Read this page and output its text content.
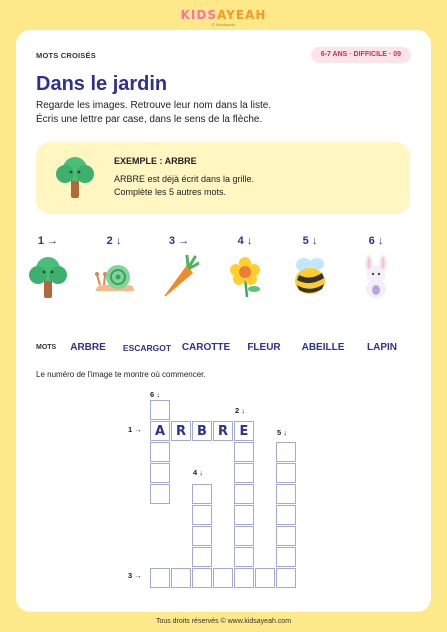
KIDSAYEAH
© KidsAyeah
MOTS CROISÉS	6-7 ANS · DIFFICILE · 09
Dans le jardin
Regarde les images. Retrouve leur nom dans la liste.
Écris une lettre par case, dans le sens de la flèche.
EXEMPLE : ARBRE
ARBRE est déjà écrit dans la grille.
Complète les 5 autres mots.
1 →	2 ↓	3 →	4 ↓	5 ↓	6 ↓
MOTS	ARBRE	ESCARGOT	CAROTTE	FLEUR	ABEILLE	LAPIN
Le numéro de l'image te montre où commencer.
6 ↓
2 ↓
1 →	5 ↓
4 ↓
3 →
A R B R E
Tous droits réservés © www.kidsayeah.com
